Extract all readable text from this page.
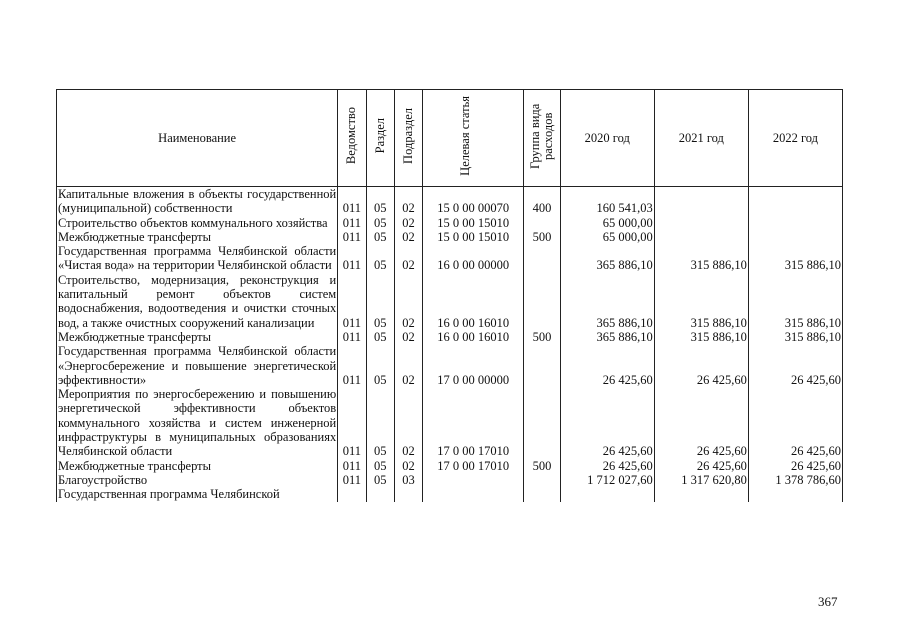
Наименование	Ведомство	Раздел	Подраздел	Целевая статья	Группа вида расходов	2020 год	2021 год	2022 год
Капитальные вложения в объекты государственной (муниципальной) собственности	011	05	02	15 0 00 00070	400	160 541,03		
Строительство объектов коммунального хозяйства	011	05	02	15 0 00 15010		65 000,00		
Межбюджетные трансферты	011	05	02	15 0 00 15010	500	65 000,00		
Государственная программа Челябинской области «Чистая вода» на территории Челябинской области	011	05	02	16 0 00 00000		365 886,10	315 886,10	315 886,10
Строительство, модернизация, реконструкция и капитальный ремонт объектов систем водоснабжения, водоотведения и очистки сточных вод, а также очистных сооружений канализации	011	05	02	16 0 00 16010		365 886,10	315 886,10	315 886,10
Межбюджетные трансферты	011	05	02	16 0 00 16010	500	365 886,10	315 886,10	315 886,10
Государственная программа Челябинской области «Энергосбережение и повышение энергетической эффективности»	011	05	02	17 0 00 00000		26 425,60	26 425,60	26 425,60
Мероприятия по энергосбережению и повышению энергетической эффективности объектов коммунального хозяйства и систем инженерной инфраструктуры в муниципальных образованиях Челябинской области	011	05	02	17 0 00 17010		26 425,60	26 425,60	26 425,60
Межбюджетные трансферты	011	05	02	17 0 00 17010	500	26 425,60	26 425,60	26 425,60
Благоустройство	011	05	03			1 712 027,60	1 317 620,80	1 378 786,60
Государственная программа Челябинской								
367
